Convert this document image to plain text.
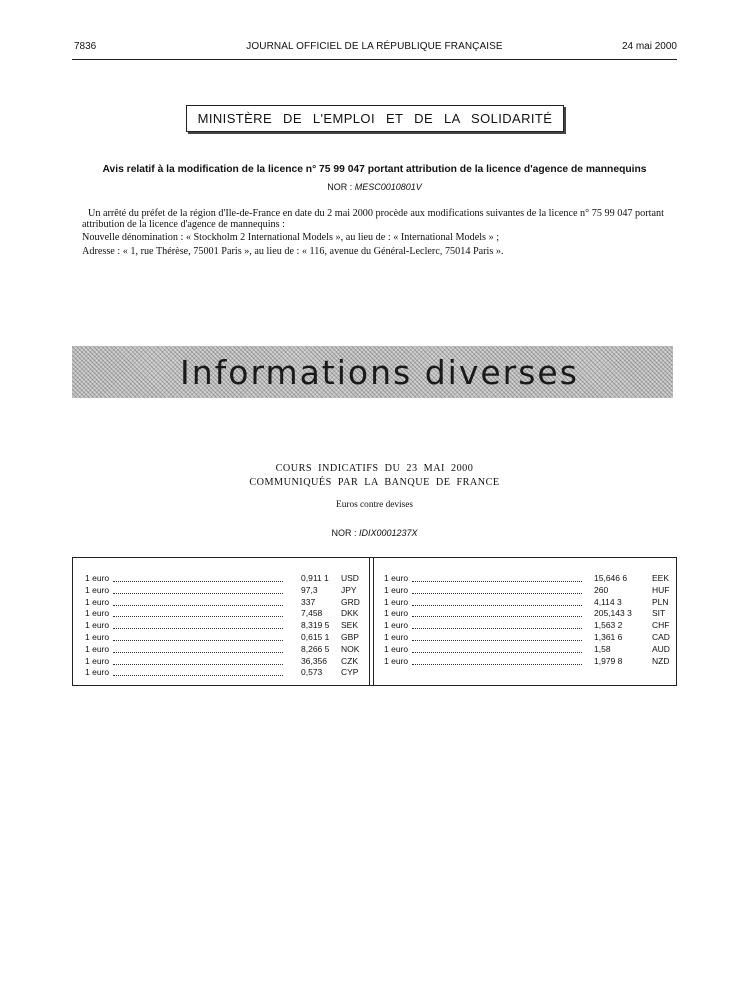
7836	JOURNAL OFFICIEL DE LA RÉPUBLIQUE FRANÇAISE	24 mai 2000
MINISTÈRE DE L'EMPLOI ET DE LA SOLIDARITÉ
Avis relatif à la modification de la licence n° 75 99 047 portant attribution de la licence d'agence de mannequins
NOR : MESC0010801V

Un arrêté du préfet de la région d'Ile-de-France en date du 2 mai 2000 procède aux modifications suivantes de la licence n° 75 99 047 portant attribution de la licence d'agence de mannequins :

Nouvelle dénomination : « Stockholm 2 International Models », au lieu de : « International Models » ;

Adresse : « 1, rue Thérèse, 75001 Paris », au lieu de : « 116, avenue du Général-Leclerc, 75014 Paris ».

Informations diverses
COURS INDICATIFS DU 23 MAI 2000
COMMUNIQUÉS PAR LA BANQUE DE FRANCE
Euros contre devises
NOR : IDIX0001237X
1 euro	0,911 1	USD
1 euro	97,3	JPY
1 euro	337	GRD
1 euro	7,458	DKK
1 euro	8,319 5	SEK
1 euro	0,615 1	GBP
1 euro	8,266 5	NOK
1 euro	36,356	CZK
1 euro	0,573	CYP
1 euro	15,646 6	EEK
1 euro	260	HUF
1 euro	4,114 3	PLN
1 euro	205,143 3	SIT
1 euro	1,563 2	CHF
1 euro	1,361 6	CAD
1 euro	1,58	AUD
1 euro	1,979 8	NZD
